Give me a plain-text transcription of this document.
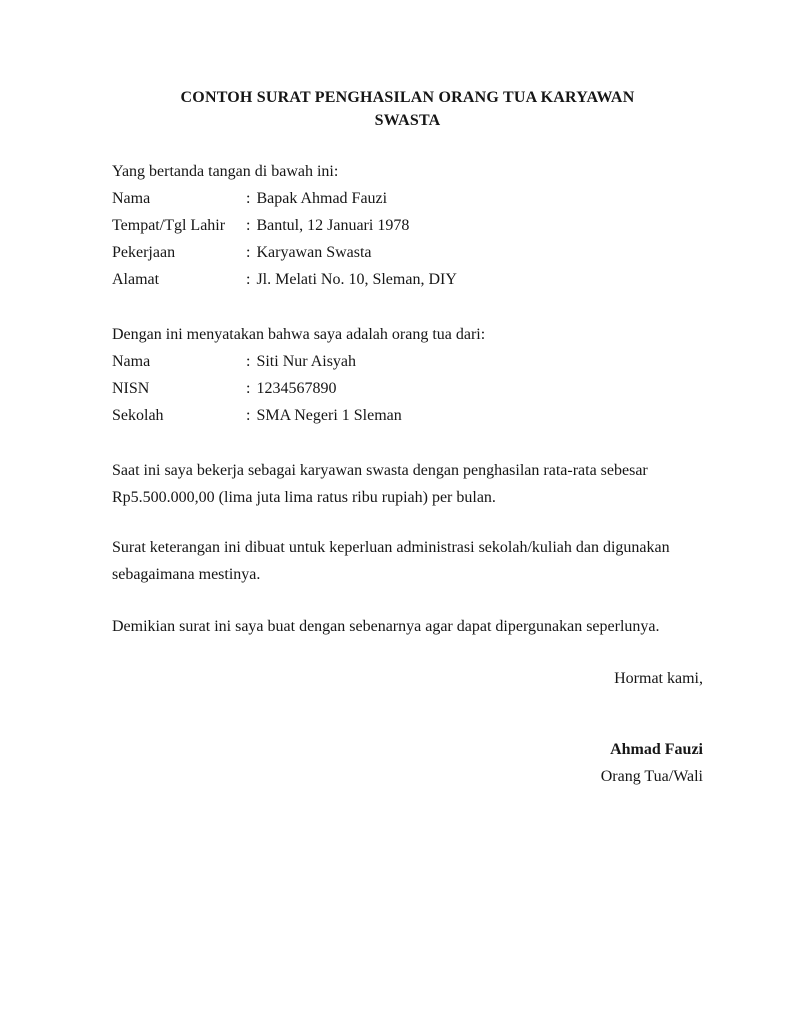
CONTOH SURAT PENGHASILAN ORANG TUA KARYAWAN
SWASTA

Yang bertanda tangan di bawah ini:

Nama	: Bapak Ahmad Fauzi
Tempat/Tgl Lahir	: Bantul, 12 Januari 1978
Pekerjaan	: Karyawan Swasta
Alamat	: Jl. Melati No. 10, Sleman, DIY

Dengan ini menyatakan bahwa saya adalah orang tua dari:

Nama	: Siti Nur Aisyah
NISN	: 1234567890
Sekolah	: SMA Negeri 1 Sleman

Saat ini saya bekerja sebagai karyawan swasta dengan penghasilan rata-rata sebesar
Rp5.500.000,00 (lima juta lima ratus ribu rupiah) per bulan.

Surat keterangan ini dibuat untuk keperluan administrasi sekolah/kuliah dan digunakan
sebagaimana mestinya.

Demikian surat ini saya buat dengan sebenarnya agar dapat dipergunakan seperlunya.

Hormat kami,
Ahmad Fauzi
Orang Tua/Wali
